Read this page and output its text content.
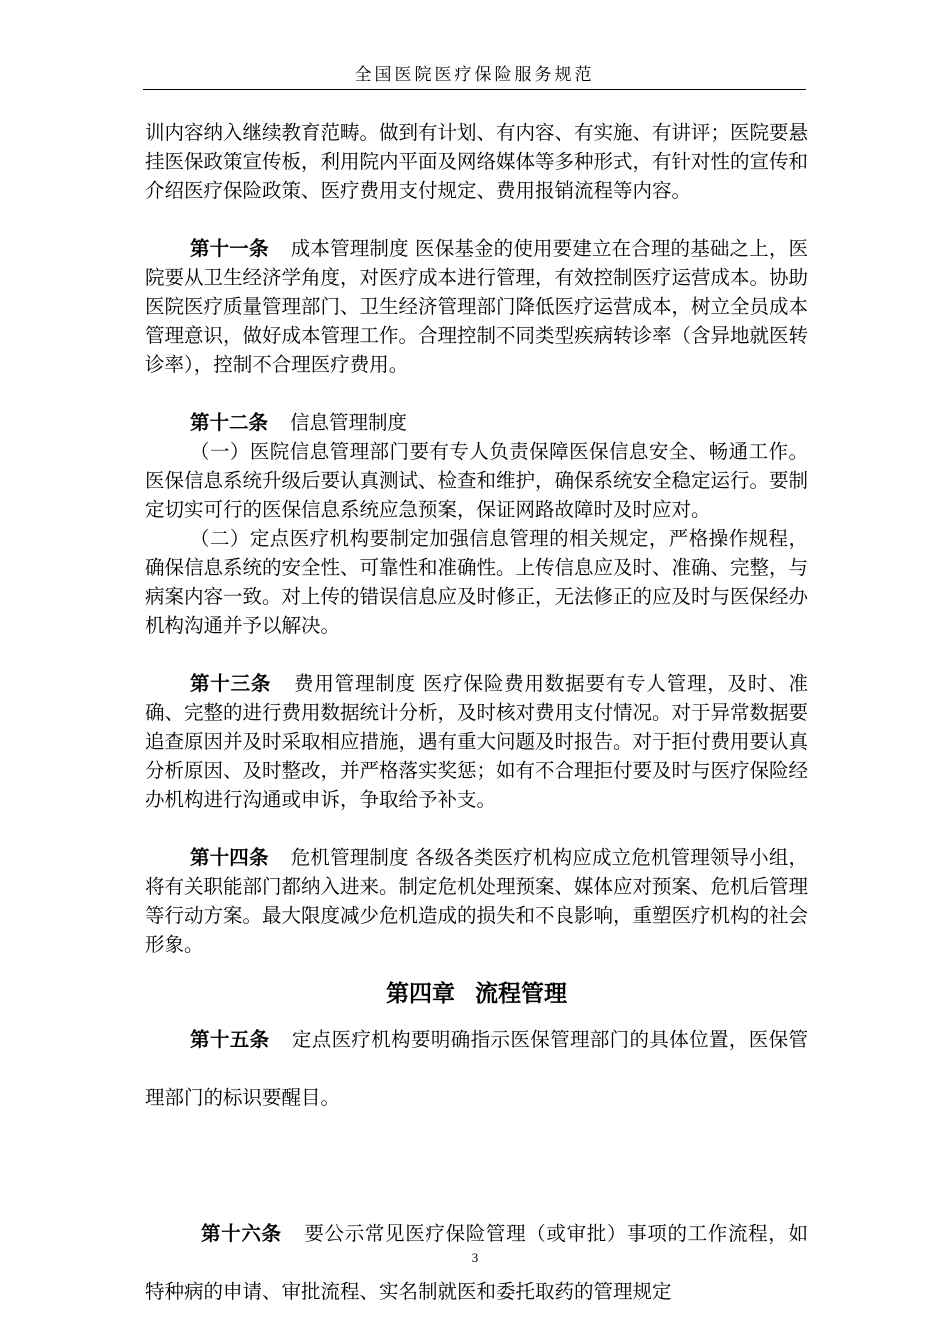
全国医院医疗保险服务规范

训内容纳入继续教育范畴。做到有计划、有内容、有实施、有讲评；医院要悬挂医保政策宣传板，利用院内平面及网络媒体等多种形式，有针对性的宣传和介绍医疗保险政策、医疗费用支付规定、费用报销流程等内容。

第十一条 成本管理制度 医保基金的使用要建立在合理的基础之上，医院要从卫生经济学角度，对医疗成本进行管理，有效控制医疗运营成本。协助医院医疗质量管理部门、卫生经济管理部门降低医疗运营成本，树立全员成本管理意识，做好成本管理工作。合理控制不同类型疾病转诊率（含异地就医转诊率），控制不合理医疗费用。

第十二条 信息管理制度

（一）医院信息管理部门要有专人负责保障医保信息安全、畅通工作。医保信息系统升级后要认真测试、检查和维护，确保系统安全稳定运行。要制定切实可行的医保信息系统应急预案，保证网路故障时及时应对。

（二）定点医疗机构要制定加强信息管理的相关规定，严格操作规程，确保信息系统的安全性、可靠性和准确性。上传信息应及时、准确、完整，与病案内容一致。对上传的错误信息应及时修正，无法修正的应及时与医保经办机构沟通并予以解决。

第十三条 费用管理制度 医疗保险费用数据要有专人管理，及时、准确、完整的进行费用数据统计分析，及时核对费用支付情况。对于异常数据要追查原因并及时采取相应措施，遇有重大问题及时报告。对于拒付费用要认真分析原因、及时整改，并严格落实奖惩；如有不合理拒付要及时与医疗保险经办机构进行沟通或申诉，争取给予补支。

第十四条 危机管理制度 各级各类医疗机构应成立危机管理领导小组，将有关职能部门都纳入进来。制定危机处理预案、媒体应对预案、危机后管理等行动方案。最大限度减少危机造成的损失和不良影响，重塑医疗机构的社会形象。

第四章 流程管理

第十五条 定点医疗机构要明确指示医保管理部门的具体位置，医保管理部门的标识要醒目。

第十六条 要公示常见医疗保险管理（或审批）事项的工作流程，如特种病的申请、审批流程、实名制就医和委托取药的管理规定

3
